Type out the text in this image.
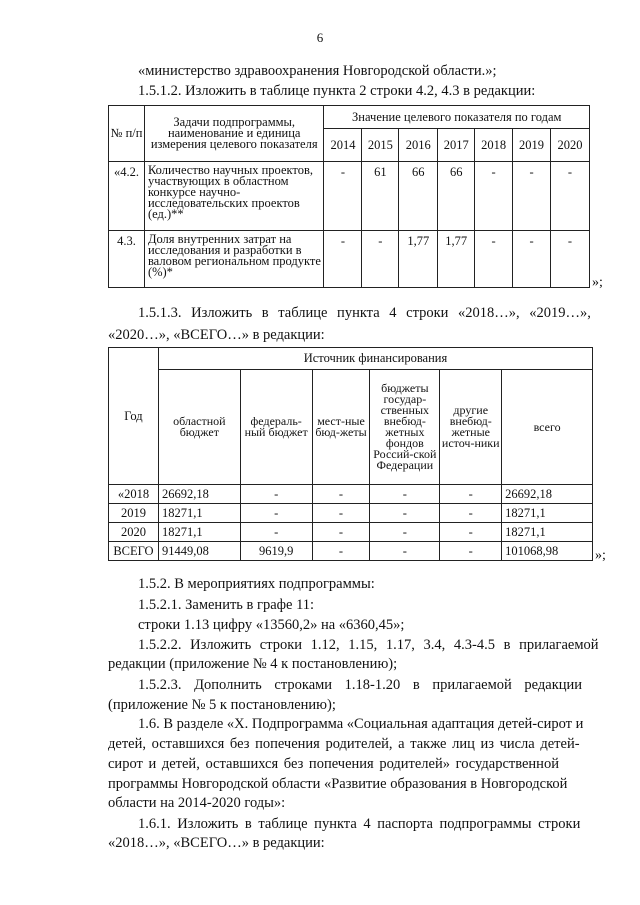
6
«министерство здравоохранения Новгородской области.»;
1.5.1.2. Изложить в таблице пункта 2 строки 4.2, 4.3 в редакции:
№ п/п	Задачи подпрограммы, наименование и единица измерения целевого показателя	Значение целевого показателя по годам						
		2014	2015	2016	2017	2018	2019	2020
«4.2.	Количество научных проектов, участвующих в областном конкурсе научно-исследовательских проектов (ед.)**	-	61	66	66	-	-	-
4.3.	Доля внутренних затрат на исследования и разработки в валовом региональном продукте (%)*	-	-	1,77	1,77	-	-	-
»;
1.5.1.3. Изложить в таблице пункта 4 строки «2018…», «2019…»,
«2020…», «ВСЕГО…» в редакции:
Год	Источник финансирования					
	областной бюджет	федераль-ный бюджет	мест-ные бюд-жеты	бюджеты государ-ственных внебюд-жетных фондов Россий-ской Федерации	другие внебюд-жетные источ-ники	всего
«2018	26692,18	-	-	-	-	26692,18
2019	18271,1	-	-	-	-	18271,1
2020	18271,1	-	-	-	-	18271,1
ВСЕГО	91449,08	9619,9	-	-	-	101068,98	»;
1.5.2. В мероприятиях подпрограммы:
1.5.2.1. Заменить в графе 11:
строки 1.13 цифру «13560,2» на «6360,45»;
1.5.2.2. Изложить строки 1.12, 1.15, 1.17, 3.4, 4.3-4.5 в прилагаемой
редакции (приложение № 4 к постановлению);
1.5.2.3. Дополнить строками 1.18-1.20 в прилагаемой редакции
(приложение № 5 к постановлению);
1.6. В разделе «X. Подпрограмма «Социальная адаптация детей-сирот и
детей, оставшихся без попечения родителей, а также лиц из числа детей-
сирот и детей, оставшихся без попечения родителей» государственной
программы Новгородской области «Развитие образования в Новгородской
области на 2014-2020 годы»:
1.6.1. Изложить в таблице пункта 4 паспорта подпрограммы строки
«2018…», «ВСЕГО…» в редакции:
